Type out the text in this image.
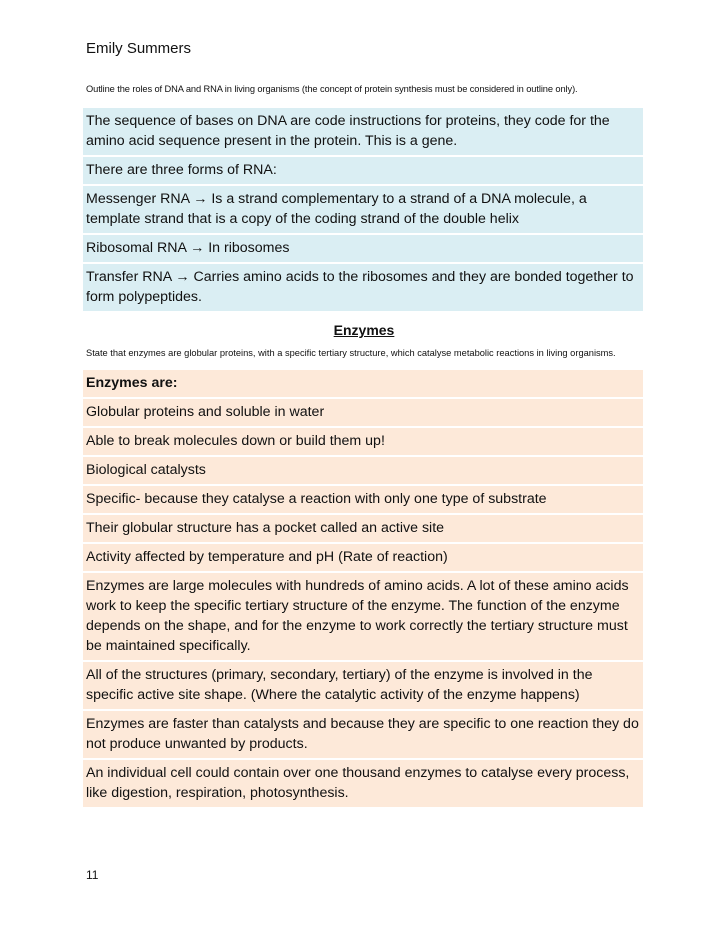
Emily Summers
Outline the roles of DNA and RNA in living organisms (the concept of protein synthesis must be considered in outline only).
The sequence of bases on DNA are code instructions for proteins, they code for the amino acid sequence present in the protein. This is a gene.
There are three forms of RNA:
Messenger RNA → Is a strand complementary to a strand of a DNA molecule, a template strand that is a copy of the coding strand of the double helix
Ribosomal RNA → In ribosomes
Transfer RNA → Carries amino acids to the ribosomes and they are bonded together to form polypeptides.
Enzymes
State that enzymes are globular proteins, with a specific tertiary structure, which catalyse metabolic reactions in living organisms.
Enzymes are:
Globular proteins and soluble in water
Able to break molecules down or build them up!
Biological catalysts
Specific- because they catalyse a reaction with only one type of substrate
Their globular structure has a pocket called an active site
Activity affected by temperature and pH (Rate of reaction)
Enzymes are large molecules with hundreds of amino acids. A lot of these amino acids work to keep the specific tertiary structure of the enzyme. The function of the enzyme depends on the shape, and for the enzyme to work correctly the tertiary structure must be maintained specifically.
All of the structures (primary, secondary, tertiary) of the enzyme is involved in the specific active site shape. (Where the catalytic activity of the enzyme happens)
Enzymes are faster than catalysts and because they are specific to one reaction they do not produce unwanted by products.
An individual cell could contain over one thousand enzymes to catalyse every process, like digestion, respiration, photosynthesis.
11
